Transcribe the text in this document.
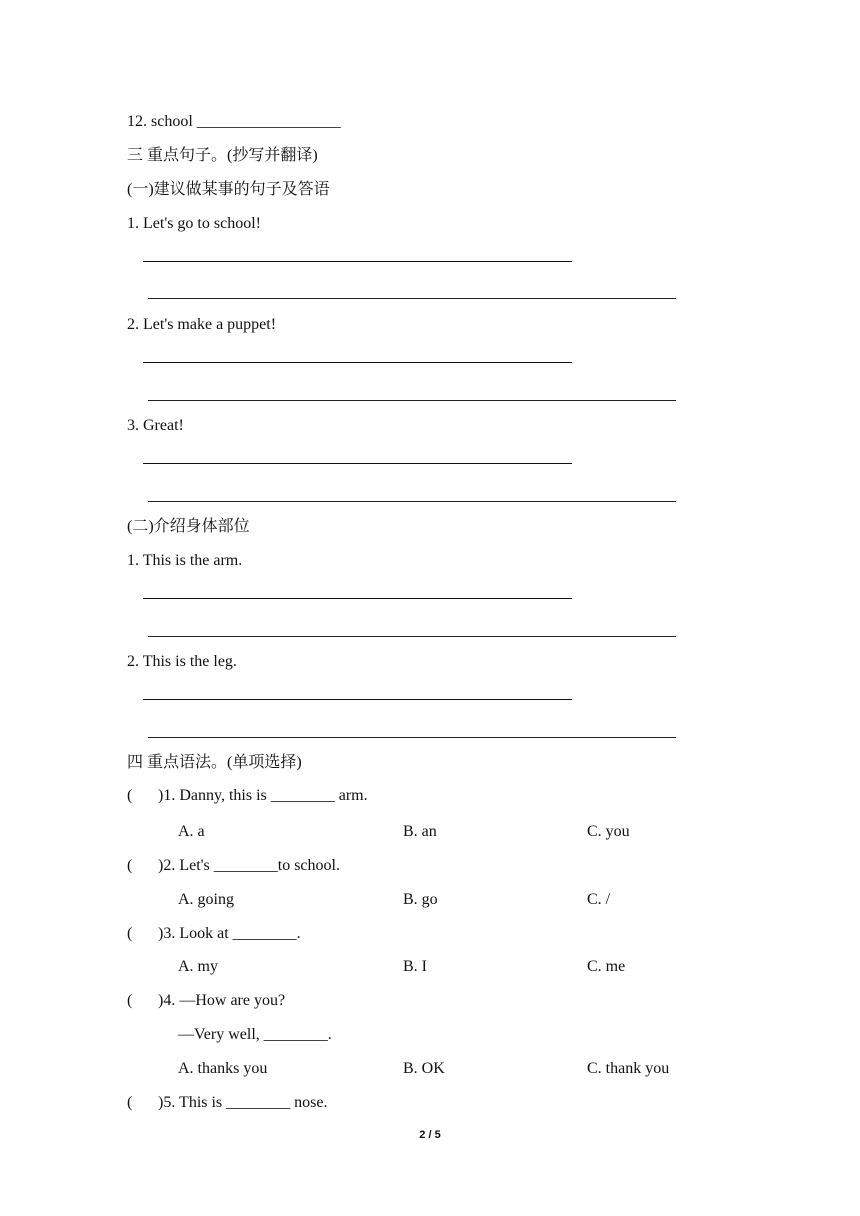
12. school __________________
三 重点句子。(抄写并翻译)
(一)建议做某事的句子及答语
1. Let's go to school!
2. Let's make a puppet!
3. Great!
(二)介绍身体部位
1. This is the arm.
2. This is the leg.
四 重点语法。(单项选择)
( )1. Danny, this is ________ arm.
A. a	B. an	C. you
( )2. Let's ________to school.
A. going	B. go	C. /
( )3. Look at ________.
A. my	B. I	C. me
( )4. —How are you?
—Very well, ________.
A. thanks you	B. OK	C. thank you
( )5. This is ________ nose.
2 / 5
